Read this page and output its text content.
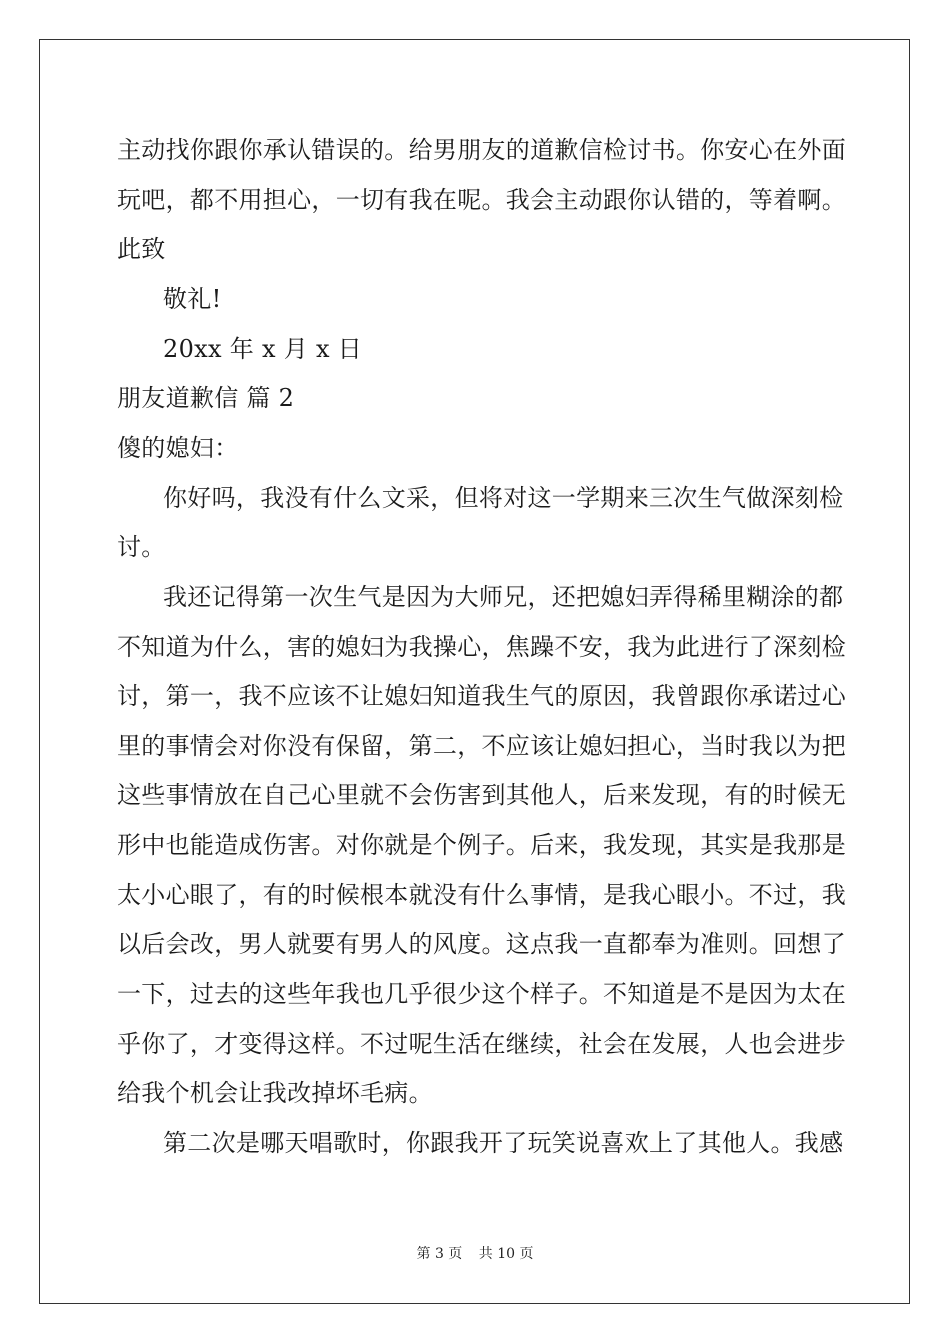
主动找你跟你承认错误的。给男朋友的道歉信检讨书。你安心在外面
玩吧，都不用担心，一切有我在呢。我会主动跟你认错的，等着啊。
此致
敬礼!
20xx 年 x 月 x 日
朋友道歉信 篇 2
傻的媳妇：
你好吗，我没有什么文采，但将对这一学期来三次生气做深刻检
讨。
我还记得第一次生气是因为大师兄，还把媳妇弄得稀里糊涂的都
不知道为什么，害的媳妇为我操心，焦躁不安，我为此进行了深刻检
讨，第一，我不应该不让媳妇知道我生气的原因，我曾跟你承诺过心
里的事情会对你没有保留，第二，不应该让媳妇担心，当时我以为把
这些事情放在自己心里就不会伤害到其他人，后来发现，有的时候无
形中也能造成伤害。对你就是个例子。后来，我发现，其实是我那是
太小心眼了，有的时候根本就没有什么事情，是我心眼小。不过，我
以后会改，男人就要有男人的风度。这点我一直都奉为准则。回想了
一下，过去的这些年我也几乎很少这个样子。不知道是不是因为太在
乎你了，才变得这样。不过呢生活在继续，社会在发展，人也会进步
给我个机会让我改掉坏毛病。
第二次是哪天唱歌时，你跟我开了玩笑说喜欢上了其他人。我感
第 3 页 共 10 页
